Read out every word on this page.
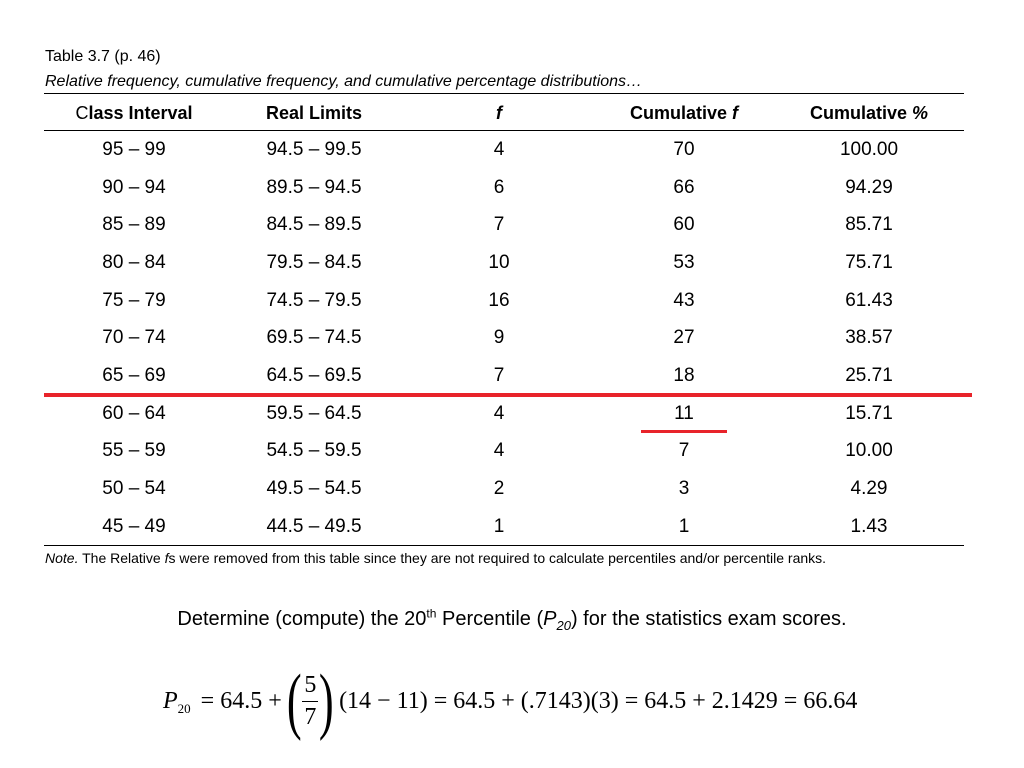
Table 3.7 (p. 46)
Relative frequency, cumulative frequency, and cumulative percentage distributions…
Class Interval	Real Limits	f	Cumulative f	Cumulative %
95 – 99	94.5 – 99.5	4	70	100.00
90 – 94	89.5 – 94.5	6	66	94.29
85 – 89	84.5 – 89.5	7	60	85.71
80 – 84	79.5 – 84.5	10	53	75.71
75 – 79	74.5 – 79.5	16	43	61.43
70 – 74	69.5 – 74.5	9	27	38.57
65 – 69	64.5 – 69.5	7	18	25.71
60 – 64	59.5 – 64.5	4	11	15.71
55 – 59	54.5 – 59.5	4	7	10.00
50 – 54	49.5 – 54.5	2	3	4.29
45 – 49	44.5 – 49.5	1	1	1.43
Note. The Relative fs were removed from this table since they are not required to calculate percentiles and/or percentile ranks.
Determine (compute) the 20th Percentile $(P_{20})$ for the statistics exam scores.
P 20 = 64.5 + ( $\frac{5}{7}$ ) (14 − 11) = 64.5 + (.7143)(3) = 64.5 + 2.1429 = 66.64
